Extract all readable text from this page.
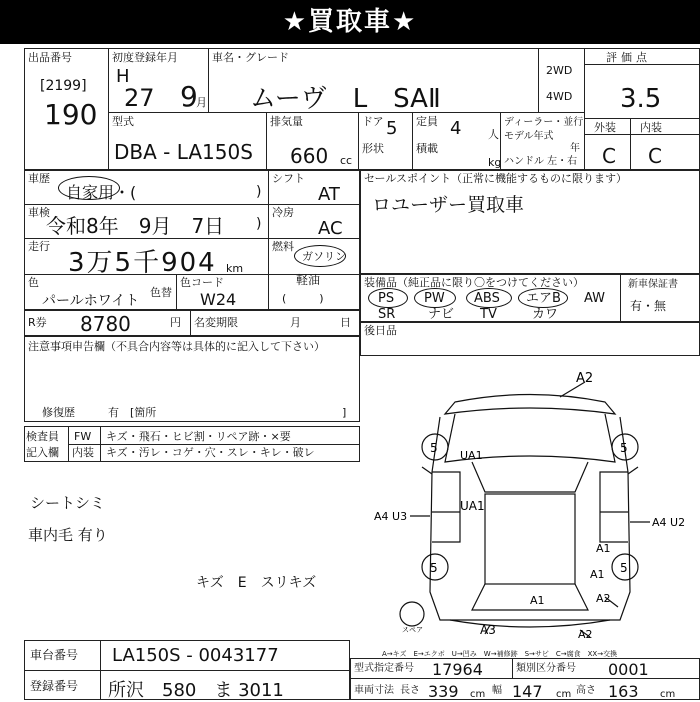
★買取車★
出品番号
[2199]
190
初度登録年月
H
27 9
月
車名・グレード
ムーヴ　L　SAⅡ
2WD
4WD
評価点
3.5
外装 内装
C C
型式
DBA - LA150S
排気量
660 cc
ドア 5
形状
定員 4 人
積載
kg
ディーラー・並行
モデル年式
年
ハンドル 左・右
車歴
自家用・(	)
車検
令和8年　9月　7日 )
走行
3万5千904 km
色
パールホワイト
色替
色コード
W24
シフト
AT
冷房
AC
燃料
ガソリン
軽油
(　　　)
R券 8780	円 名変期限	月	日
注意事項申告欄（不具合内容等は具体的に記入して下さい）
修復歴	有　[箇所	]
検査員
記入欄
FW
内装
キズ・飛石・ヒビ割・リペア跡・×要
キズ・汚レ・コゲ・穴・スレ・キレ・破レ
シートシミ
車内毛 有り
キズ　E　スリキズ
セールスポイント（正常に機能するものに限ります）
ロユーザー買取車
装備品（純正品に限り〇をつけてください）	新車保証書
有・無
PS PW ABS エアB AW
SR	ナビ TV	カワ
後日品
A2
5	5
5	5
UA1
UA1
A4 U3	A4 U2
A1
A1
A1	A2
A3	A2
スペア
A→キズ　E→エクボ　U→凹み　W→補修跡　S→サビ　C→腐食　XX→交換
車台番号 LA150S - 0043177
登録番号 所沢　580　ま 3011
型式指定番号 17964	類別区分番号 0001
車両寸法 長さ 339 cm 幅 147 cm 高さ 163 cm
